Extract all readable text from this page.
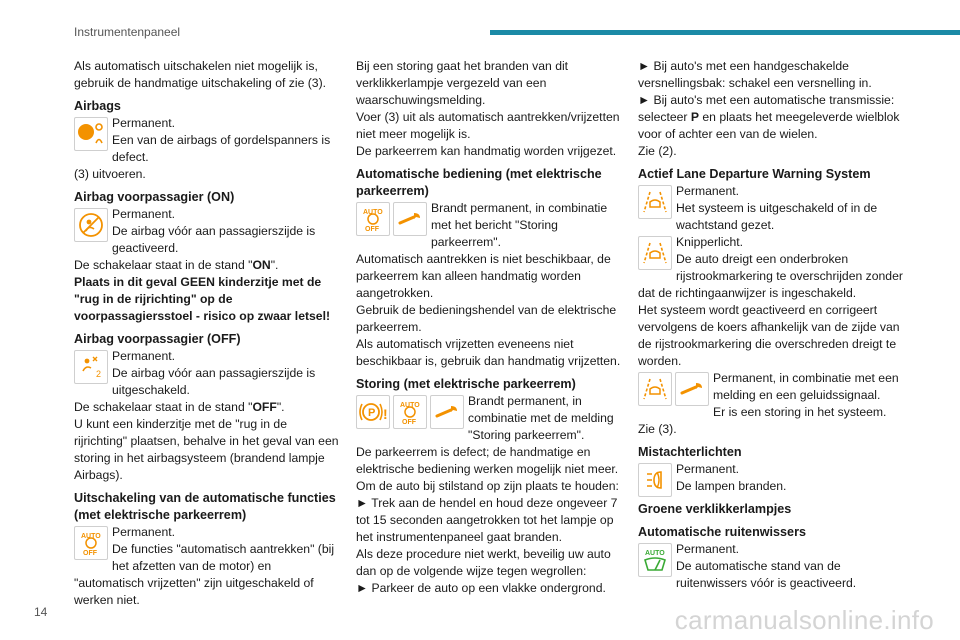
Instrumentenpaneel

Als automatisch uitschakelen niet mogelijk is, gebruik de handmatige uitschakeling of zie (3).

Airbags

Permanent.

Een van de airbags of gordelspanners is defect.

(3) uitvoeren.

Airbag voorpassagier (ON)

Permanent.

De airbag vóór aan passagierszijde is geactiveerd.

De schakelaar staat in de stand "ON".

Plaats in dit geval GEEN kinderzitje met de "rug in de rijrichting" op de voorpassagiersstoel - risico op zwaar letsel!

Airbag voorpassagier (OFF)
2

Permanent.

De airbag vóór aan passagierszijde is uitgeschakeld.

De schakelaar staat in de stand "OFF".

U kunt een kinderzitje met de "rug in de rijrichting" plaatsen, behalve in het geval van een storing in het airbagsysteem (brandend lampje Airbags).

Uitschakeling van de automatische functies (met elektrische parkeerrem)
AUTO
OFF

Permanent.

De functies "automatisch aantrekken" (bij het afzetten van de motor) en "automatisch vrijzetten" zijn uitgeschakeld of werken niet.

Bij een storing gaat het branden van dit verklikkerlampje vergezeld van een waarschuwingsmelding.

Voer (3) uit als automatisch aantrekken/vrijzetten niet meer mogelijk is.

De parkeerrem kan handmatig worden vrijgezet.

Automatische bediening (met elektrische parkeerrem)
AUTO
OFF

Brandt permanent, in combinatie met het bericht "Storing parkeerrem".

Automatisch aantrekken is niet beschikbaar, de parkeerrem kan alleen handmatig worden aangetrokken.

Gebruik de bedieningshendel van de elektrische parkeerrem.

Als automatisch vrijzetten eveneens niet beschikbaar is, gebruik dan handmatig vrijzetten.

Storing (met elektrische parkeerrem)
P !
AUTO
OFF

Brandt permanent, in combinatie met de melding "Storing parkeerrem".

De parkeerrem is defect; de handmatige en elektrische bediening werken mogelijk niet meer.

Om de auto bij stilstand op zijn plaats te houden:

► Trek aan de hendel en houd deze ongeveer 7 tot 15 seconden aangetrokken tot het lampje op het instrumentenpaneel gaat branden.

Als deze procedure niet werkt, beveilig uw auto dan op de volgende wijze tegen wegrollen:

► Parkeer de auto op een vlakke ondergrond.

► Bij auto's met een handgeschakelde versnellingsbak: schakel een versnelling in.

► Bij auto's met een automatische transmissie: selecteer P en plaats het meegeleverde wielblok voor of achter een van de wielen.

Zie (2).

Actief Lane Departure Warning System

Permanent.

Het systeem is uitgeschakeld of in de wachtstand gezet.

Knipperlicht.

De auto dreigt een onderbroken rijstrookmarkering te overschrijden zonder dat de richtingaanwijzer is ingeschakeld.

Het systeem wordt geactiveerd en corrigeert vervolgens de koers afhankelijk van de zijde van de rijstrookmarkering die overschreden dreigt te worden.

Permanent, in combinatie met een melding en een geluidssignaal.

Er is een storing in het systeem.

Zie (3).

Mistachterlichten

Permanent.

De lampen branden.

Groene verklikkerlampjes
Automatische ruitenwissers
AUTO Permanent.

De automatische stand van de ruitenwissers vóór is geactiveerd.

14	carmanualsonline.info
